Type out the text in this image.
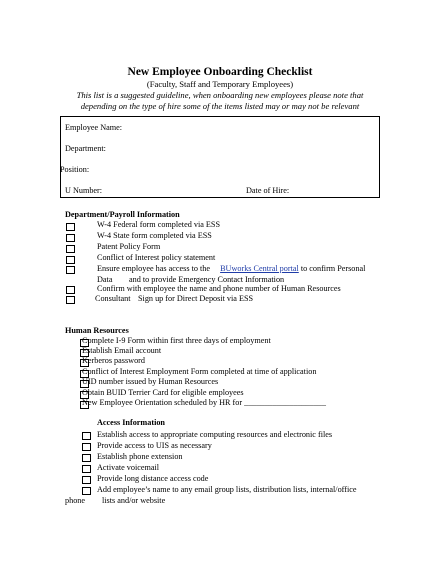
New Employee Onboarding Checklist
(Faculty, Staff and Temporary Employees)
This list is a suggested guideline, when onboarding new employees please note that
depending on the type of hire some of the items listed may or may not be relevant
Employee Name:
Department:
Position:
U Number:	Date of Hire:
Department/Payroll Information
W-4 Federal form completed via ESS
W-4 State form completed via ESS
Patent Policy Form
Conflict of Interest policy statement
Ensure employee has access to the BUworks Central portal to confirm Personal
Data and to provide Emergency Contact Information
Confirm with employee the name and phone number of Human Resources
Consultant Sign up for Direct Deposit via ESS
Human Resources
Complete I-9 Form within first three days of employment
Establish Email account
Kerberos password
Conflict of Interest Employment Form completed at time of application
UID number issued by Human Resources
Obtain BUID Terrier Card for eligible employees
New Employee Orientation scheduled by HR for ____________________
Access Information
Establish access to appropriate computing resources and electronic files
Provide access to UIS as necessary
Establish phone extension
Activate voicemail
Provide long distance access code
Add employee’s name to any email group lists, distribution lists, internal/office
phone lists and/or website
